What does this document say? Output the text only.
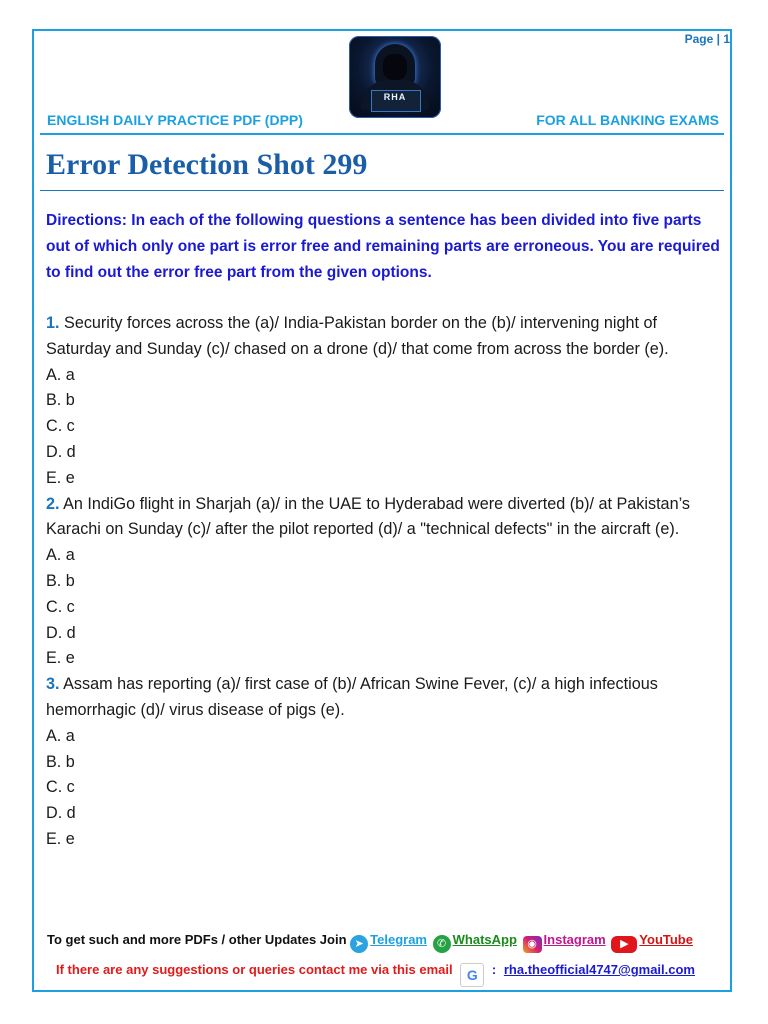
Page | 1
RHA
ENGLISH DAILY PRACTICE PDF (DPP)	FOR ALL BANKING EXAMS
Error Detection Shot 299
Directions: In each of the following questions a sentence has been divided into five parts out of which only one part is error free and remaining parts are erroneous. You are required to find out the error free part from the given options.

1. Security forces across the (a)/ India-Pakistan border on the (b)/ intervening night of Saturday and Sunday (c)/ chased on a drone (d)/ that come from across the border (e).

A. a

B. b

C. c

D. d

E. e

2. An IndiGo flight in Sharjah (a)/ in the UAE to Hyderabad were diverted (b)/ at Pakistan’s Karachi on Sunday (c)/ after the pilot reported (d)/ a "technical defects" in the aircraft (e).

A. a

B. b

C. c

D. d

E. e

3. Assam has reporting (a)/ first case of (b)/ African Swine Fever, (c)/ a high infectious hemorrhagic (d)/ virus disease of pigs (e).

A. a

B. b

C. c

D. d

E. e

To get such and more PDFs / other Updates Join ➤ Telegram ✆ WhatsApp ◉ Instagram ▶ YouTube
If there are any suggestions or queries contact me via this email G : rha.theofficial4747@gmail.com
